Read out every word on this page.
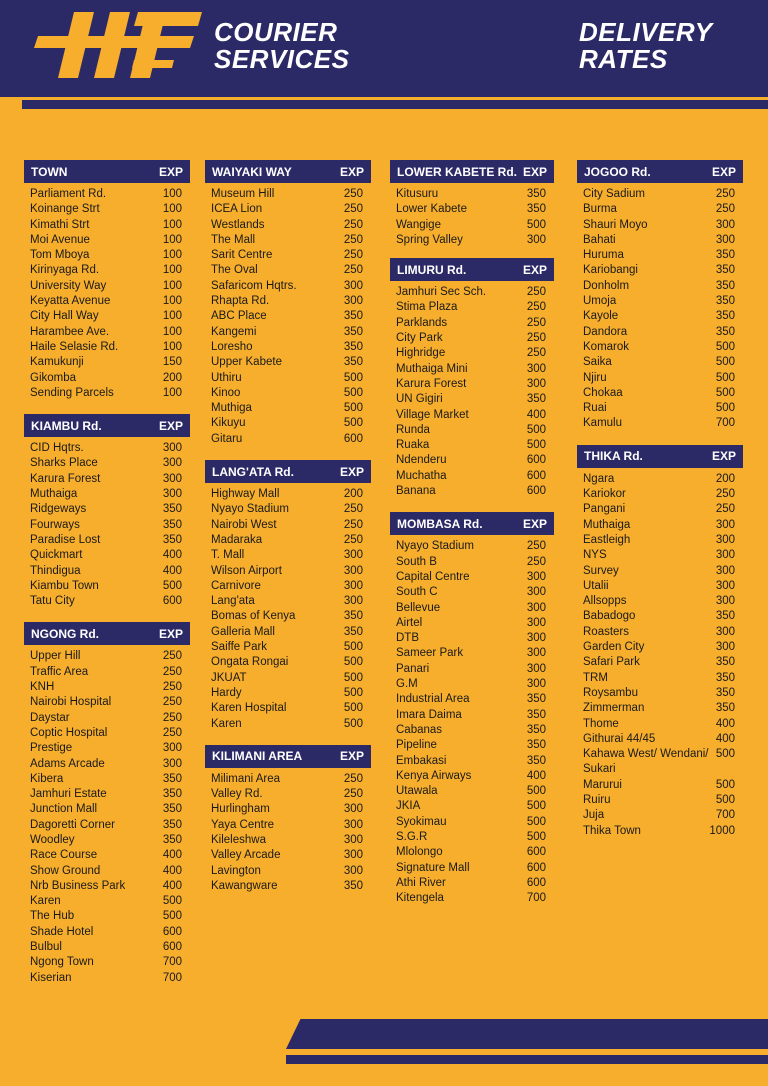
COURIER
SERVICES
DELIVERY
RATES
TOWN	EXP
Parliament Rd.	100
Koinange Strt	100
Kimathi Strt	100
Moi Avenue	100
Tom Mboya	100
Kirinyaga Rd.	100
University Way	100
Keyatta Avenue	100
City Hall Way	100
Harambee Ave.	100
Haile Selasie Rd.	100
Kamukunji	150
Gikomba	200
Sending Parcels	100
KIAMBU Rd.	EXP
CID Hqtrs.	300
Sharks Place	300
Karura Forest	300
Muthaiga	300
Ridgeways	350
Fourways	350
Paradise Lost	350
Quickmart	400
Thindigua	400
Kiambu Town	500
Tatu City	600
NGONG Rd.	EXP
Upper Hill	250
Traffic Area	250
KNH	250
Nairobi Hospital	250
Daystar	250
Coptic Hospital	250
Prestige	300
Adams Arcade	300
Kibera	350
Jamhuri Estate	350
Junction Mall	350
Dagoretti Corner	350
Woodley	350
Race Course	400
Show Ground	400
Nrb Business Park	400
Karen	500
The Hub	500
Shade Hotel	600
Bulbul	600
Ngong Town	700
Kiserian	700
WAIYAKI WAY	EXP
Museum Hill	250
ICEA Lion	250
Westlands	250
The Mall	250
Sarit Centre	250
The Oval	250
Safaricom Hqtrs.	300
Rhapta Rd.	300
ABC Place	350
Kangemi	350
Loresho	350
Upper Kabete	350
Uthiru	500
Kinoo	500
Muthiga	500
Kikuyu	500
Gitaru	600
LANG'ATA Rd.	EXP
Highway Mall	200
Nyayo Stadium	250
Nairobi West	250
Madaraka	250
T. Mall	300
Wilson Airport	300
Carnivore	300
Lang'ata	300
Bomas of Kenya	350
Galleria Mall	350
Saiffe Park	500
Ongata Rongai	500
JKUAT	500
Hardy	500
Karen Hospital	500
Karen	500
KILIMANI AREA	EXP
Milimani Area	250
Valley Rd.	250
Hurlingham	300
Yaya Centre	300
Kileleshwa	300
Valley Arcade	300
Lavington	300
Kawangware	350
LOWER KABETE Rd. EXP
Kitusuru	350
Lower Kabete	350
Wangige	500
Spring Valley	300
LIMURU Rd.	EXP
Jamhuri Sec Sch.	250
Stima Plaza	250
Parklands	250
City Park	250
Highridge	250
Muthaiga Mini	300
Karura Forest	300
UN Gigiri	350
Village Market	400
Runda	500
Ruaka	500
Ndenderu	600
Muchatha	600
Banana	600
MOMBASA Rd.	EXP
Nyayo Stadium	250
South B	250
Capital Centre	300
South C	300
Bellevue	300
Airtel	300
DTB	300
Sameer Park	300
Panari	300
G.M	300
Industrial Area	350
Imara Daima	350
Cabanas	350
Pipeline	350
Embakasi	350
Kenya Airways	400
Utawala	500
JKIA	500
Syokimau	500
S.G.R	500
Mlolongo	600
Signature Mall	600
Athi River	600
Kitengela	700
JOGOO Rd.	EXP
City Sadium	250
Burma	250
Shauri Moyo	300
Bahati	300
Huruma	350
Kariobangi	350
Donholm	350
Umoja	350
Kayole	350
Dandora	350
Komarok	500
Saika	500
Njiru	500
Chokaa	500
Ruai	500
Kamulu	700
THIKA Rd.	EXP
Ngara	200
Kariokor	250
Pangani	250
Muthaiga	300
Eastleigh	300
NYS	300
Survey	300
Utalii	300
Allsopps	300
Babadogo	350
Roasters	300
Garden City	300
Safari Park	350
TRM	350
Roysambu	350
Zimmerman	350
Thome	400
Githurai 44/45	400
Kahawa West/ Wendani/ 500
Sukari
Marurui	500
Ruiru	500
Juja	700
Thika Town	1000
